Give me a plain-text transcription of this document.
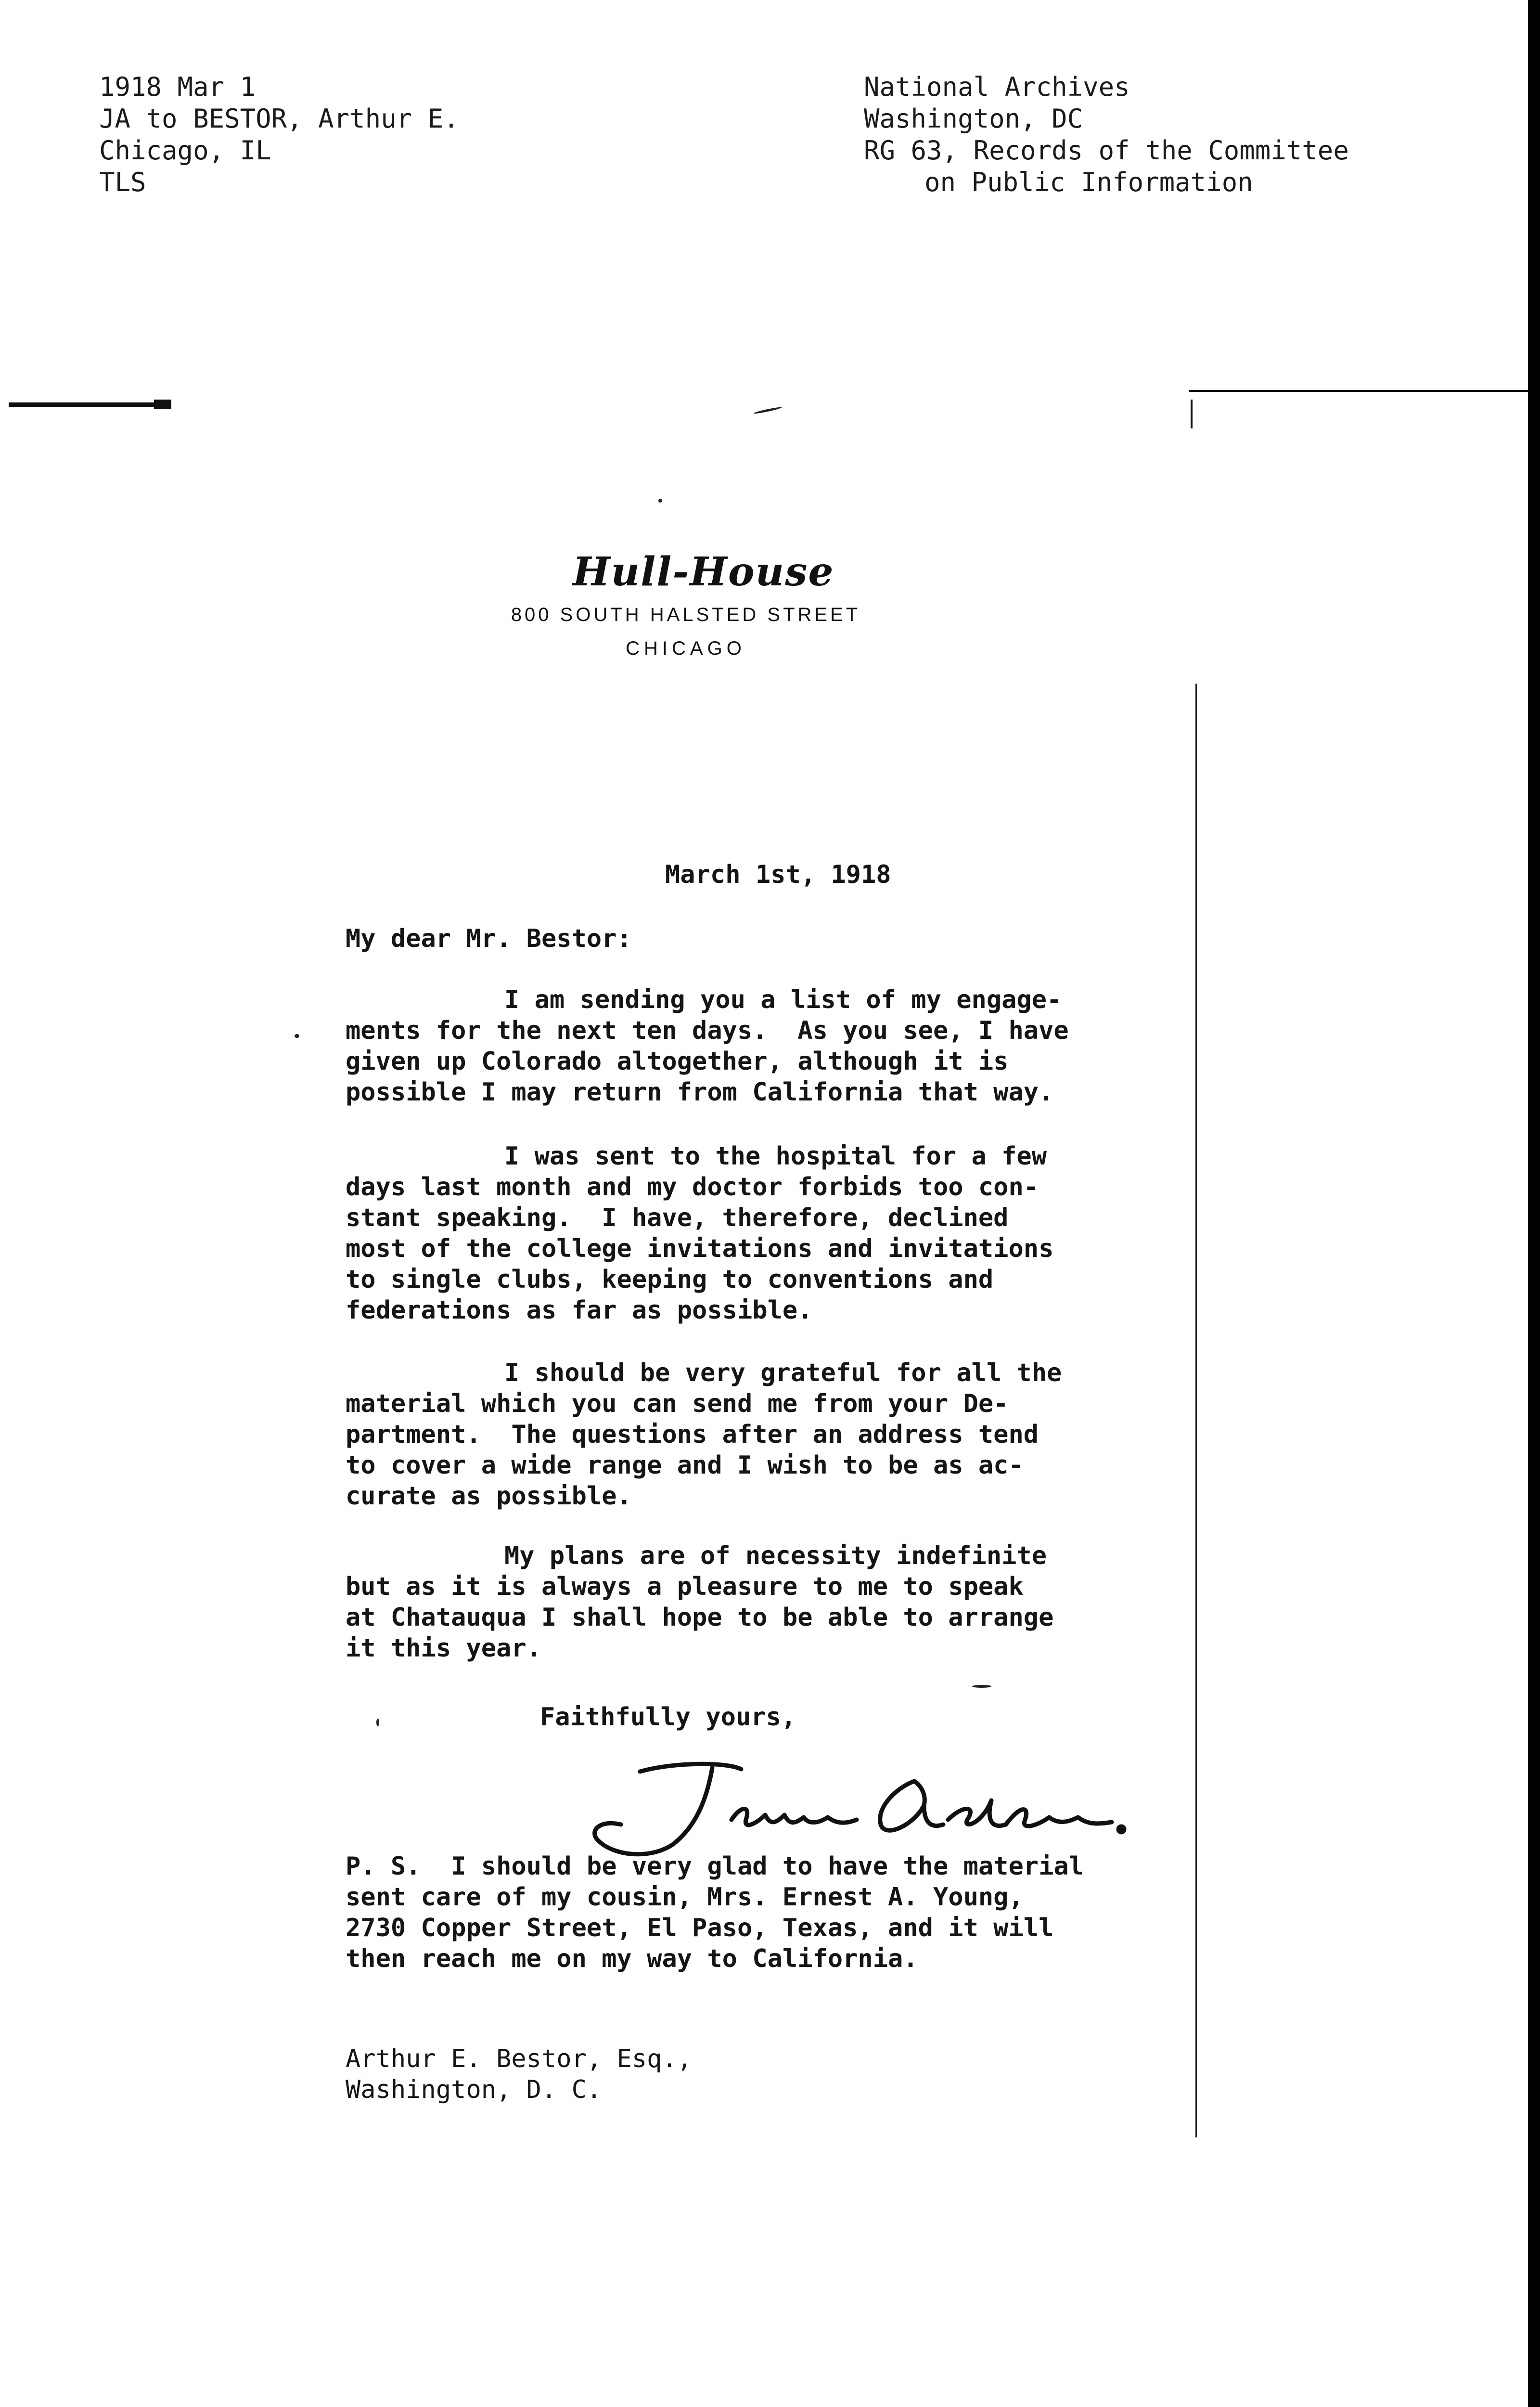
1918 Mar 1
JA to BESTOR, Arthur E.
Chicago, IL
TLS
National Archives
Washington, DC
RG 63, Records of the Committee
on Public Information
Hull-House
800 SOUTH HALSTED STREET
CHICAGO
March 1st, 1918
My dear Mr. Bestor:
I am sending you a list of my engage-
ments for the next ten days.  As you see, I have
given up Colorado altogether, although it is
possible I may return from California that way.
I was sent to the hospital for a few
days last month and my doctor forbids too con-
stant speaking.  I have, therefore, declined
most of the college invitations and invitations
to single clubs, keeping to conventions and
federations as far as possible.
I should be very grateful for all the
material which you can send me from your De-
partment.  The questions after an address tend
to cover a wide range and I wish to be as ac-
curate as possible.
My plans are of necessity indefinite
but as it is always a pleasure to me to speak
at Chatauqua I shall hope to be able to arrange
it this year.
Faithfully yours,
P. S.  I should be very glad to have the material
sent care of my cousin, Mrs. Ernest A. Young,
2730 Copper Street, El Paso, Texas, and it will
then reach me on my way to California.
Arthur E. Bestor, Esq.,
Washington, D. C.
